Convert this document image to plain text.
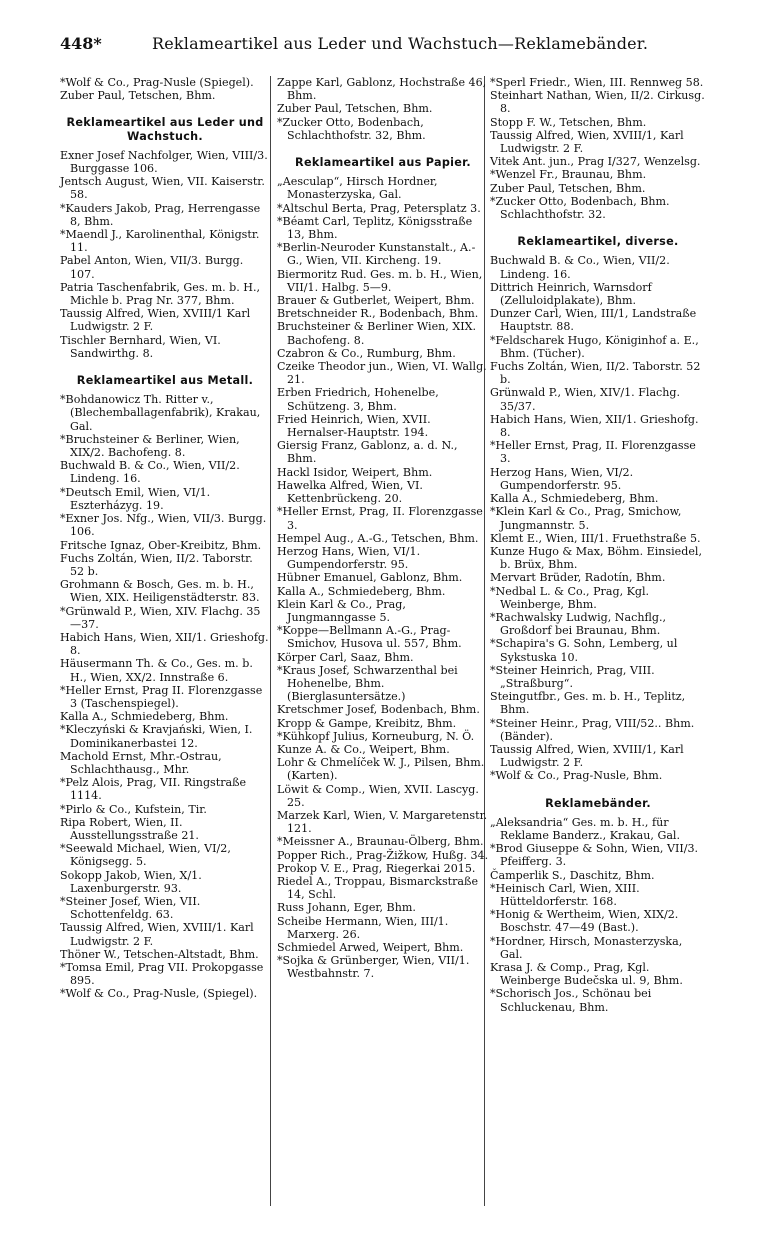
448*	Reklameartikel aus Leder und Wachstuch—Reklamebänder.
*Wolf & Co., Prag-Nusle (Spiegel).
Zuber Paul, Tetschen, Bhm.
Reklameartikel aus Leder und Wachstuch.
Exner Josef Nachfolger, Wien, VIII/3. Burggasse 106.
Jentsch August, Wien, VII. Kaiserstr. 58.
*Kauders Jakob, Prag, Herrengasse 8, Bhm.
*Maendl J., Karolinenthal, Königstr. 11.
Pabel Anton, Wien, VII/3. Burgg. 107.
Patria Taschenfabrik, Ges. m. b. H., Michle b. Prag Nr. 377, Bhm.
Taussig Alfred, Wien, XVIII/1 Karl Ludwigstr. 2 F.
Tischler Bernhard, Wien, VI. Sandwirthg. 8.
Reklameartikel aus Metall.
*Bohdanowicz Th. Ritter v., (Blechemballagenfabrik), Krakau, Gal.
*Bruchsteiner & Berliner, Wien, XIX/2. Bachofeng. 8.
Buchwald B. & Co., Wien, VII/2. Lindeng. 16.
*Deutsch Emil, Wien, VI/1. Eszterházyg. 19.
*Exner Jos. Nfg., Wien, VII/3. Burgg. 106.
Fritsche Ignaz, Ober-Kreibitz, Bhm.
Fuchs Zoltán, Wien, II/2. Taborstr. 52 b.
Grohmann & Bosch, Ges. m. b. H., Wien, XIX. Heiligenstädterstr. 83.
*Grünwald P., Wien, XIV. Flachg. 35—37.
Habich Hans, Wien, XII/1. Grieshofg. 8.
Häusermann Th. & Co., Ges. m. b. H., Wien, XX/2. Innstraße 6.
*Heller Ernst, Prag II. Florenzgasse 3 (Taschenspiegel).
Kalla A., Schmiedeberg, Bhm.
*Kleczyński & Kravjański, Wien, I. Dominikanerbastei 12.
Machold Ernst, Mhr.-Ostrau, Schlachthausg., Mhr.
*Pelz Alois, Prag, VII. Ringstraße 1114.
*Pirlo & Co., Kufstein, Tir.
Ripa Robert, Wien, II. Ausstellungsstraße 21.
*Seewald Michael, Wien, VI/2, Königsegg. 5.
Sokopp Jakob, Wien, X/1. Laxenburgerstr. 93.
*Steiner Josef, Wien, VII. Schottenfeldg. 63.
Taussig Alfred, Wien, XVIII/1. Karl Ludwigstr. 2 F.
Thöner W., Tetschen-Altstadt, Bhm.
*Tomsa Emil, Prag VII. Prokopgasse 895.
*Wolf & Co., Prag-Nusle, (Spiegel).
Zappe Karl, Gablonz, Hochstraße 46, Bhm.
Zuber Paul, Tetschen, Bhm.
*Zucker Otto, Bodenbach, Schlachthofstr. 32, Bhm.
Reklameartikel aus Papier.
„Aesculap“, Hirsch Hordner, Monasterzyska, Gal.
*Altschul Berta, Prag, Petersplatz 3.
*Béamt Carl, Teplitz, Königsstraße 13, Bhm.
*Berlin-Neuroder Kunstanstalt., A.-G., Wien, VII. Kircheng. 19.
Biermoritz Rud. Ges. m. b. H., Wien, VII/1. Halbg. 5—9.
Brauer & Gutberlet, Weipert, Bhm.
Bretschneider R., Bodenbach, Bhm.
Bruchsteiner & Berliner Wien, XIX. Bachofeng. 8.
Czabron & Co., Rumburg, Bhm.
Czeike Theodor jun., Wien, VI. Wallg. 21.
Erben Friedrich, Hohenelbe, Schützeng. 3, Bhm.
Fried Heinrich, Wien, XVII. Hernalser-Hauptstr. 194.
Giersig Franz, Gablonz, a. d. N., Bhm.
Hackl Isidor, Weipert, Bhm.
Hawelka Alfred, Wien, VI. Kettenbrückeng. 20.
*Heller Ernst, Prag, II. Florenzgasse 3.
Hempel Aug., A.-G., Tetschen, Bhm.
Herzog Hans, Wien, VI/1. Gumpendorferstr. 95.
Hübner Emanuel, Gablonz, Bhm.
Kalla A., Schmiedeberg, Bhm.
Klein Karl & Co., Prag, Jungmanngasse 5.
*Koppe—Bellmann A.-G., Prag-Smichov, Husova ul. 557, Bhm.
Körper Carl, Saaz, Bhm.
*Kraus Josef, Schwarzenthal bei Hohenelbe, Bhm. (Bierglasuntersätze.)
Kretschmer Josef, Bodenbach, Bhm.
Kropp & Gampe, Kreibitz, Bhm.
*Kühkopf Julius, Korneuburg, N. Ö.
Kunze A. & Co., Weipert, Bhm.
Lohr & Chmelíček W. J., Pilsen, Bhm. (Karten).
Löwit & Comp., Wien, XVII. Lascyg. 25.
Marzek Karl, Wien, V. Margaretenstr. 121.
*Meissner A., Braunau-Ölberg, Bhm.
Popper Rich., Prag-Žižkow, Hußg. 34.
Prokop V. E., Prag, Riegerkai 2015.
Riedel A., Troppau, Bismarckstraße 14, Schl.
Russ Johann, Eger, Bhm.
Scheibe Hermann, Wien, III/1. Marxerg. 26.
Schmiedel Arwed, Weipert, Bhm.
*Sojka & Grünberger, Wien, VII/1. Westbahnstr. 7.
*Sperl Friedr., Wien, III. Rennweg 58.
Steinhart Nathan, Wien, II/2. Cirkusg. 8.
Stopp F. W., Tetschen, Bhm.
Taussig Alfred, Wien, XVIII/1, Karl Ludwigstr. 2 F.
Vitek Ant. jun., Prag I/327, Wenzelsg.
*Wenzel Fr., Braunau, Bhm.
Zuber Paul, Tetschen, Bhm.
*Zucker Otto, Bodenbach, Bhm. Schlachthofstr. 32.
Reklameartikel, diverse.
Buchwald B. & Co., Wien, VII/2. Lindeng. 16.
Dittrich Heinrich, Warnsdorf (Zelluloidplakate), Bhm.
Dunzer Carl, Wien, III/1, Landstraße Hauptstr. 88.
*Feldscharek Hugo, Königinhof a. E., Bhm. (Tücher).
Fuchs Zoltán, Wien, II/2. Taborstr. 52 b.
Grünwald P., Wien, XIV/1. Flachg. 35/37.
Habich Hans, Wien, XII/1. Grieshofg. 8.
*Heller Ernst, Prag, II. Florenzgasse 3.
Herzog Hans, Wien, VI/2. Gumpendorferstr. 95.
Kalla A., Schmiedeberg, Bhm.
*Klein Karl & Co., Prag, Smichow, Jungmannstr. 5.
Klemt E., Wien, III/1. Fruethstraße 5.
Kunze Hugo & Max, Böhm. Einsiedel, b. Brüx, Bhm.
Mervart Brüder, Radotín, Bhm.
*Nedbal L. & Co., Prag, Kgl. Weinberge, Bhm.
*Rachwalsky Ludwig, Nachflg., Großdorf bei Braunau, Bhm.
*Schapira's G. Sohn, Lemberg, ul Sykstuska 10.
*Steiner Heinrich, Prag, VIII. „Straßburg“.
Steingutfbr., Ges. m. b. H., Teplitz, Bhm.
*Steiner Heinr., Prag, VIII/52.. Bhm. (Bänder).
Taussig Alfred, Wien, XVIII/1, Karl Ludwigstr. 2 F.
*Wolf & Co., Prag-Nusle, Bhm.
Reklamebänder.
„Aleksandria“ Ges. m. b. H., für Reklame Banderz., Krakau, Gal.
*Brod Giuseppe & Sohn, Wien, VII/3. Pfeifferg. 3.
Čamperlik S., Daschitz, Bhm.
*Heinisch Carl, Wien, XIII. Hütteldorferstr. 168.
*Honig & Wertheim, Wien, XIX/2. Boschstr. 47—49 (Bast.).
*Hordner, Hirsch, Monasterzyska, Gal.
Krasa J. & Comp., Prag, Kgl. Weinberge Budečska ul. 9, Bhm.
*Schorisch Jos., Schönau bei Schluckenau, Bhm.
